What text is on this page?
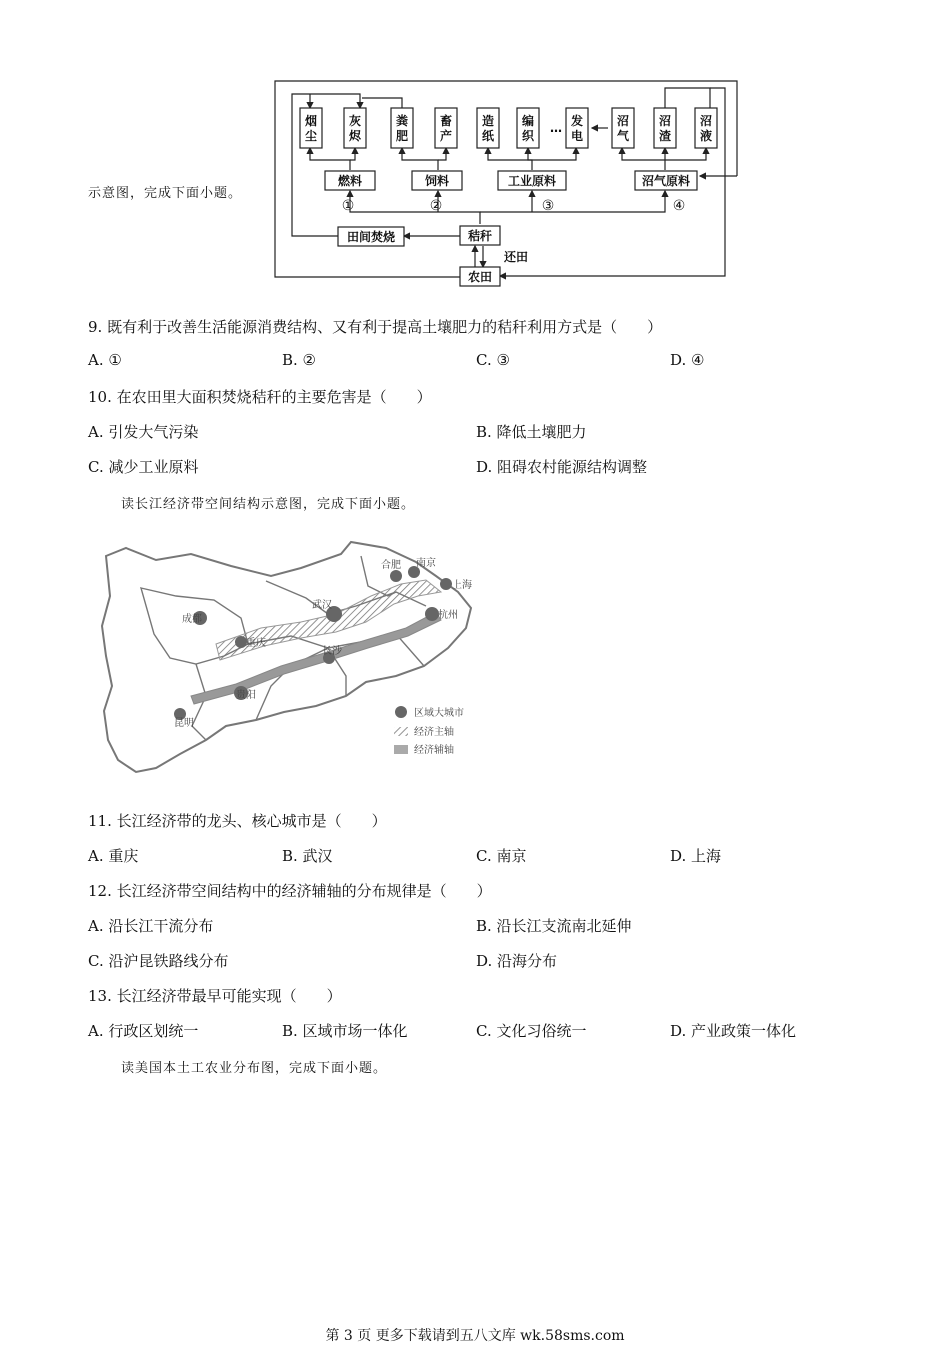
示意图，完成下面小题。
烟尘
灰烬
粪肥
畜产
造纸
编织
发电
沼气
沼渣
沼液
燃料	饲料	工业原料	沼气原料
秸秆
田间焚烧
农田
还田
…
①	②	③	④
9. 既有利于改善生活能源消费结构、又有利于提高土壤肥力的秸秆利用方式是（　　）
A. ①	B. ②	C. ③	D. ④
10. 在农田里大面积焚烧秸秆的主要危害是（　　）
A. 引发大气污染	B. 降低土壤肥力
C. 减少工业原料	D. 阻碍农村能源结构调整
读长江经济带空间结构示意图，完成下面小题。
成都
重庆
武汉
合肥 南京
上海
杭州
长沙
贵阳
昆明
区域大城市
经济主轴
经济辅轴
11. 长江经济带的龙头、核心城市是（　　）
A. 重庆	B. 武汉	C. 南京	D. 上海
12. 长江经济带空间结构中的经济辅轴的分布规律是（　　）
A. 沿长江干流分布	B. 沿长江支流南北延伸
C. 沿沪昆铁路线分布	D. 沿海分布
13. 长江经济带最早可能实现（　　）
A. 行政区划统一	B. 区域市场一体化	C. 文化习俗统一	D. 产业政策一体化
读美国本土工农业分布图，完成下面小题。
第 3 页 更多下载请到五八文库 wk.58sms.com
